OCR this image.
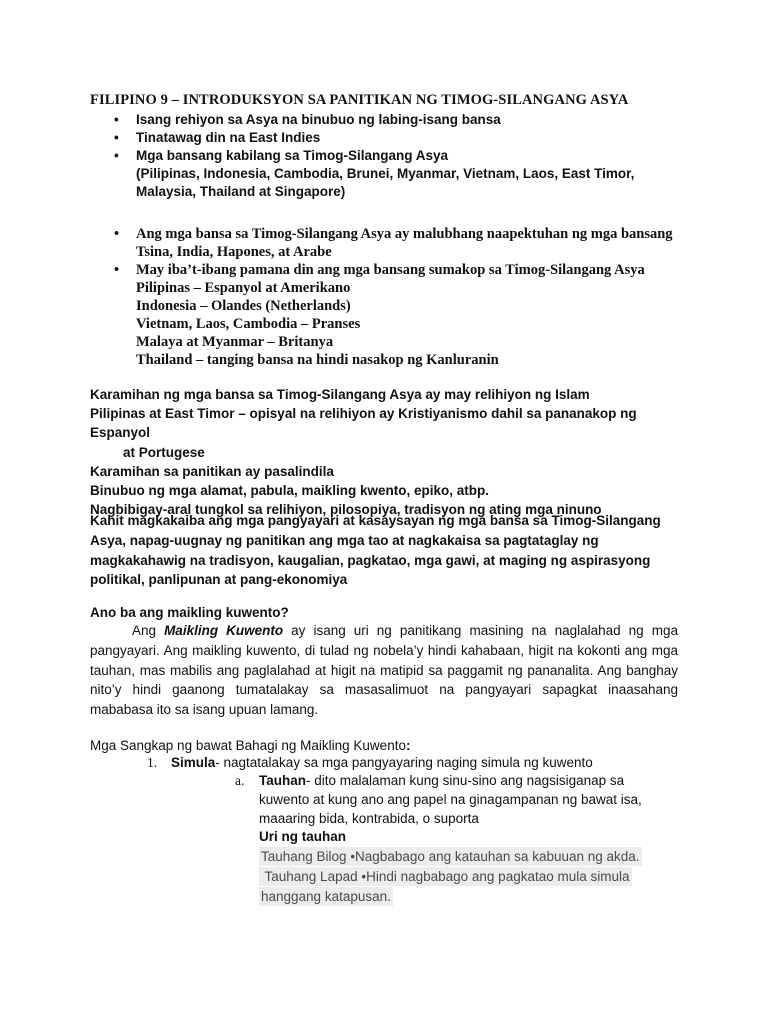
FILIPINO 9 – INTRODUKSYON SA PANITIKAN NG TIMOG-SILANGANG ASYA
• Isang rehiyon sa Asya na binubuo ng labing-isang bansa
• Tinatawag din na East Indies
• Mga bansang kabilang sa Timog-Silangang Asya
(Pilipinas, Indonesia, Cambodia, Brunei, Myanmar, Vietnam, Laos, East Timor,
Malaysia, Thailand at Singapore)
• Ang mga bansa sa Timog-Silangang Asya ay malubhang naapektuhan ng mga bansang Tsina, India, Hapones, at Arabe
• May iba’t-ibang pamana din ang mga bansang sumakop sa Timog-Silangang Asya
Pilipinas – Espanyol at Amerikano
Indonesia – Olandes (Netherlands)
Vietnam, Laos, Cambodia – Pranses
Malaya at Myanmar – Britanya
Thailand – tanging bansa na hindi nasakop ng Kanluranin
Karamihan ng mga bansa sa Timog-Silangang Asya ay may relihiyon ng Islam
Pilipinas at East Timor – opisyal na relihiyon ay Kristiyanismo dahil sa pananakop ng Espanyol
at Portugese
Karamihan sa panitikan ay pasalindila
Binubuo ng mga alamat, pabula, maikling kwento, epiko, atbp.
Nagbibigay-aral tungkol sa relihiyon, pilosopiya, tradisyon ng ating mga ninuno
Kahit magkakaiba ang mga pangyayari at kasaysayan ng mga bansa sa Timog-Silangang Asya, napag-uugnay ng panitikan ang mga tao at nagkakaisa sa pagtataglay ng magkakahawig na tradisyon, kaugalian, pagkatao, mga gawi, at maging ng aspirasyong politikal, panlipunan at pang-ekonomiya
Ano ba ang maikling kuwento?
Ang Maikling Kuwento ay isang uri ng panitikang masining na naglalahad ng mga pangyayari. Ang maikling kuwento, di tulad ng nobela’y hindi kahabaan, higit na kokonti ang mga tauhan, mas mabilis ang paglalahad at higit na matipid sa paggamit ng pananalita. Ang banghay nito’y hindi gaanong tumatalakay sa masasalimuot na pangyayari sapagkat inaasahang mababasa ito sa isang upuan lamang.
Mga Sangkap ng bawat Bahagi ng Maikling Kuwento:
1. Simula- nagtatalakay sa mga pangyayaring naging simula ng kuwento
a. Tauhan- dito malalaman kung sinu-sino ang nagsisiganap sa kuwento at kung ano ang papel na ginagampanan ng bawat isa, maaaring bida, kontrabida, o suporta
Uri ng tauhan
Tauhang Bilog •Nagbabago ang katauhan sa kabuuan ng akda.
Tauhang Lapad •Hindi nagbabago ang pagkatao mula simula
hanggang katapusan.
